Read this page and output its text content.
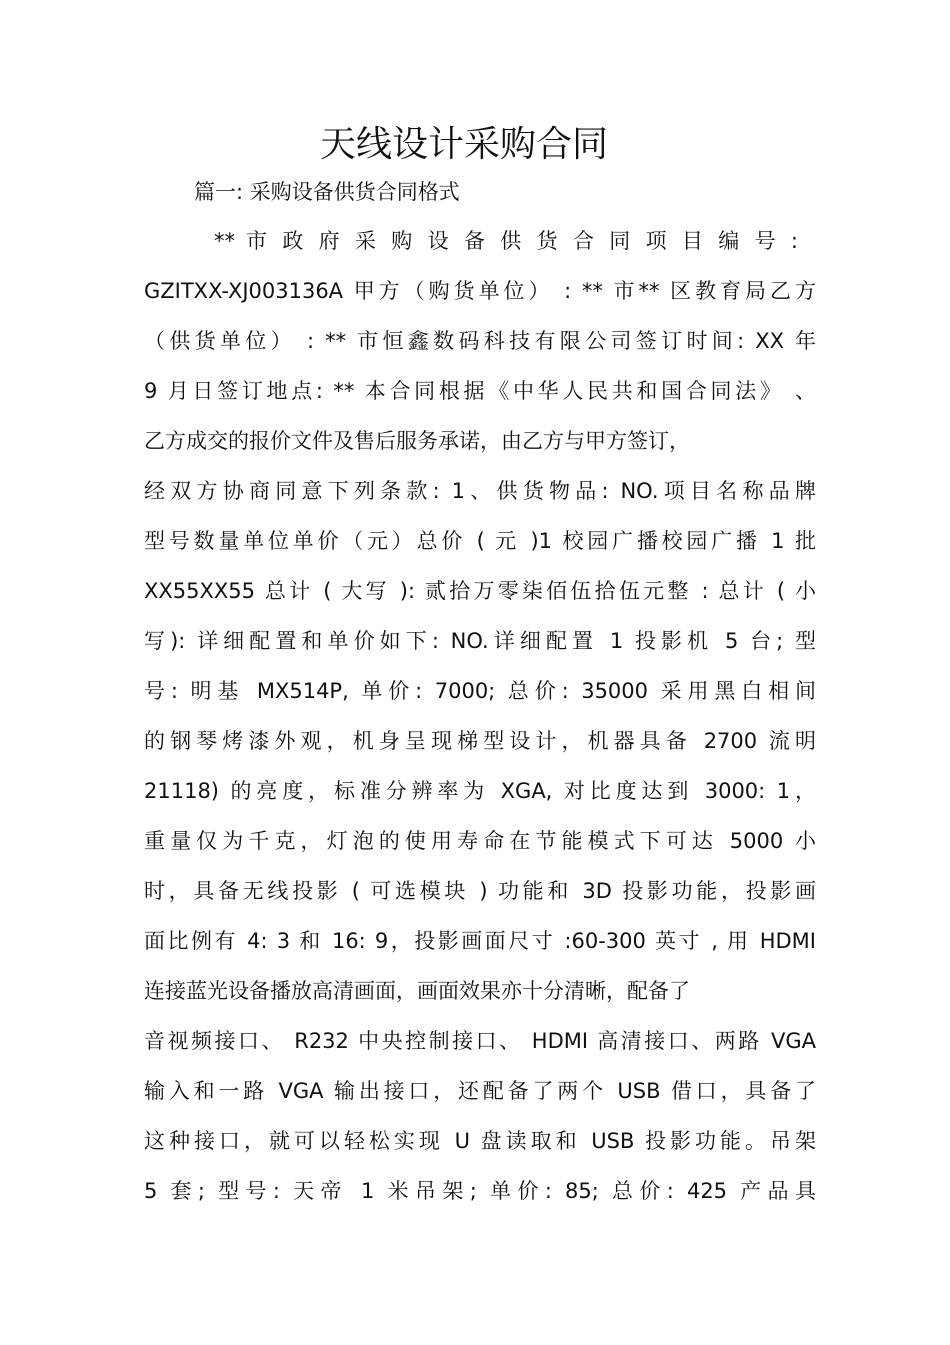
天线设计采购合同
篇一: 采购设备供货合同格式
** 市 政 府 采 购 设 备 供 货 合 同 项 目 编 号 :
GZITXX-XJ003136A 甲方（购货单位） : ** 市** 区教育局乙方
（供货单位） : ** 市恒鑫数码科技有限公司签订时间: XX 年
9 月日签订地点: ** 本合同根据《中华人民共和国合同法》 、
乙方成交的报价文件及售后服务承诺，由乙方与甲方签订，
经双方协商同意下列条款: 1、供货物品: NO.项目名称品牌
型号数量单位单价（元）总价 ( 元 )1 校园广播校园广播 1 批
XX55XX55 总计 ( 大写 ): 贰拾万零柒佰伍拾伍元整 : 总计 ( 小
写): 详细配置和单价如下: NO.详细配置 1 投影机 5 台; 型
号: 明基 MX514P, 单价: 7000; 总价: 35000 采用黑白相间
的钢琴烤漆外观，机身呈现梯型设计，机器具备 2700 流明
21118) 的亮度，标准分辨率为 XGA, 对比度达到 3000: 1，
重量仅为千克，灯泡的使用寿命在节能模式下可达 5000 小
时，具备无线投影 ( 可选模块 ) 功能和 3D 投影功能，投影画
面比例有 4: 3 和 16: 9，投影画面尺寸 :60-300 英寸 , 用 HDMI
连接蓝光设备播放高清画面，画面效果亦十分清晰，配备了
音视频接口、 R232 中央控制接口、 HDMI 高清接口、两路 VGA
输入和一路 VGA 输出接口，还配备了两个 USB 借口，具备了
这种接口，就可以轻松实现 U 盘读取和 USB 投影功能。吊架
5 套; 型号: 天帝 1 米吊架; 单价: 85; 总价: 425 产品具
